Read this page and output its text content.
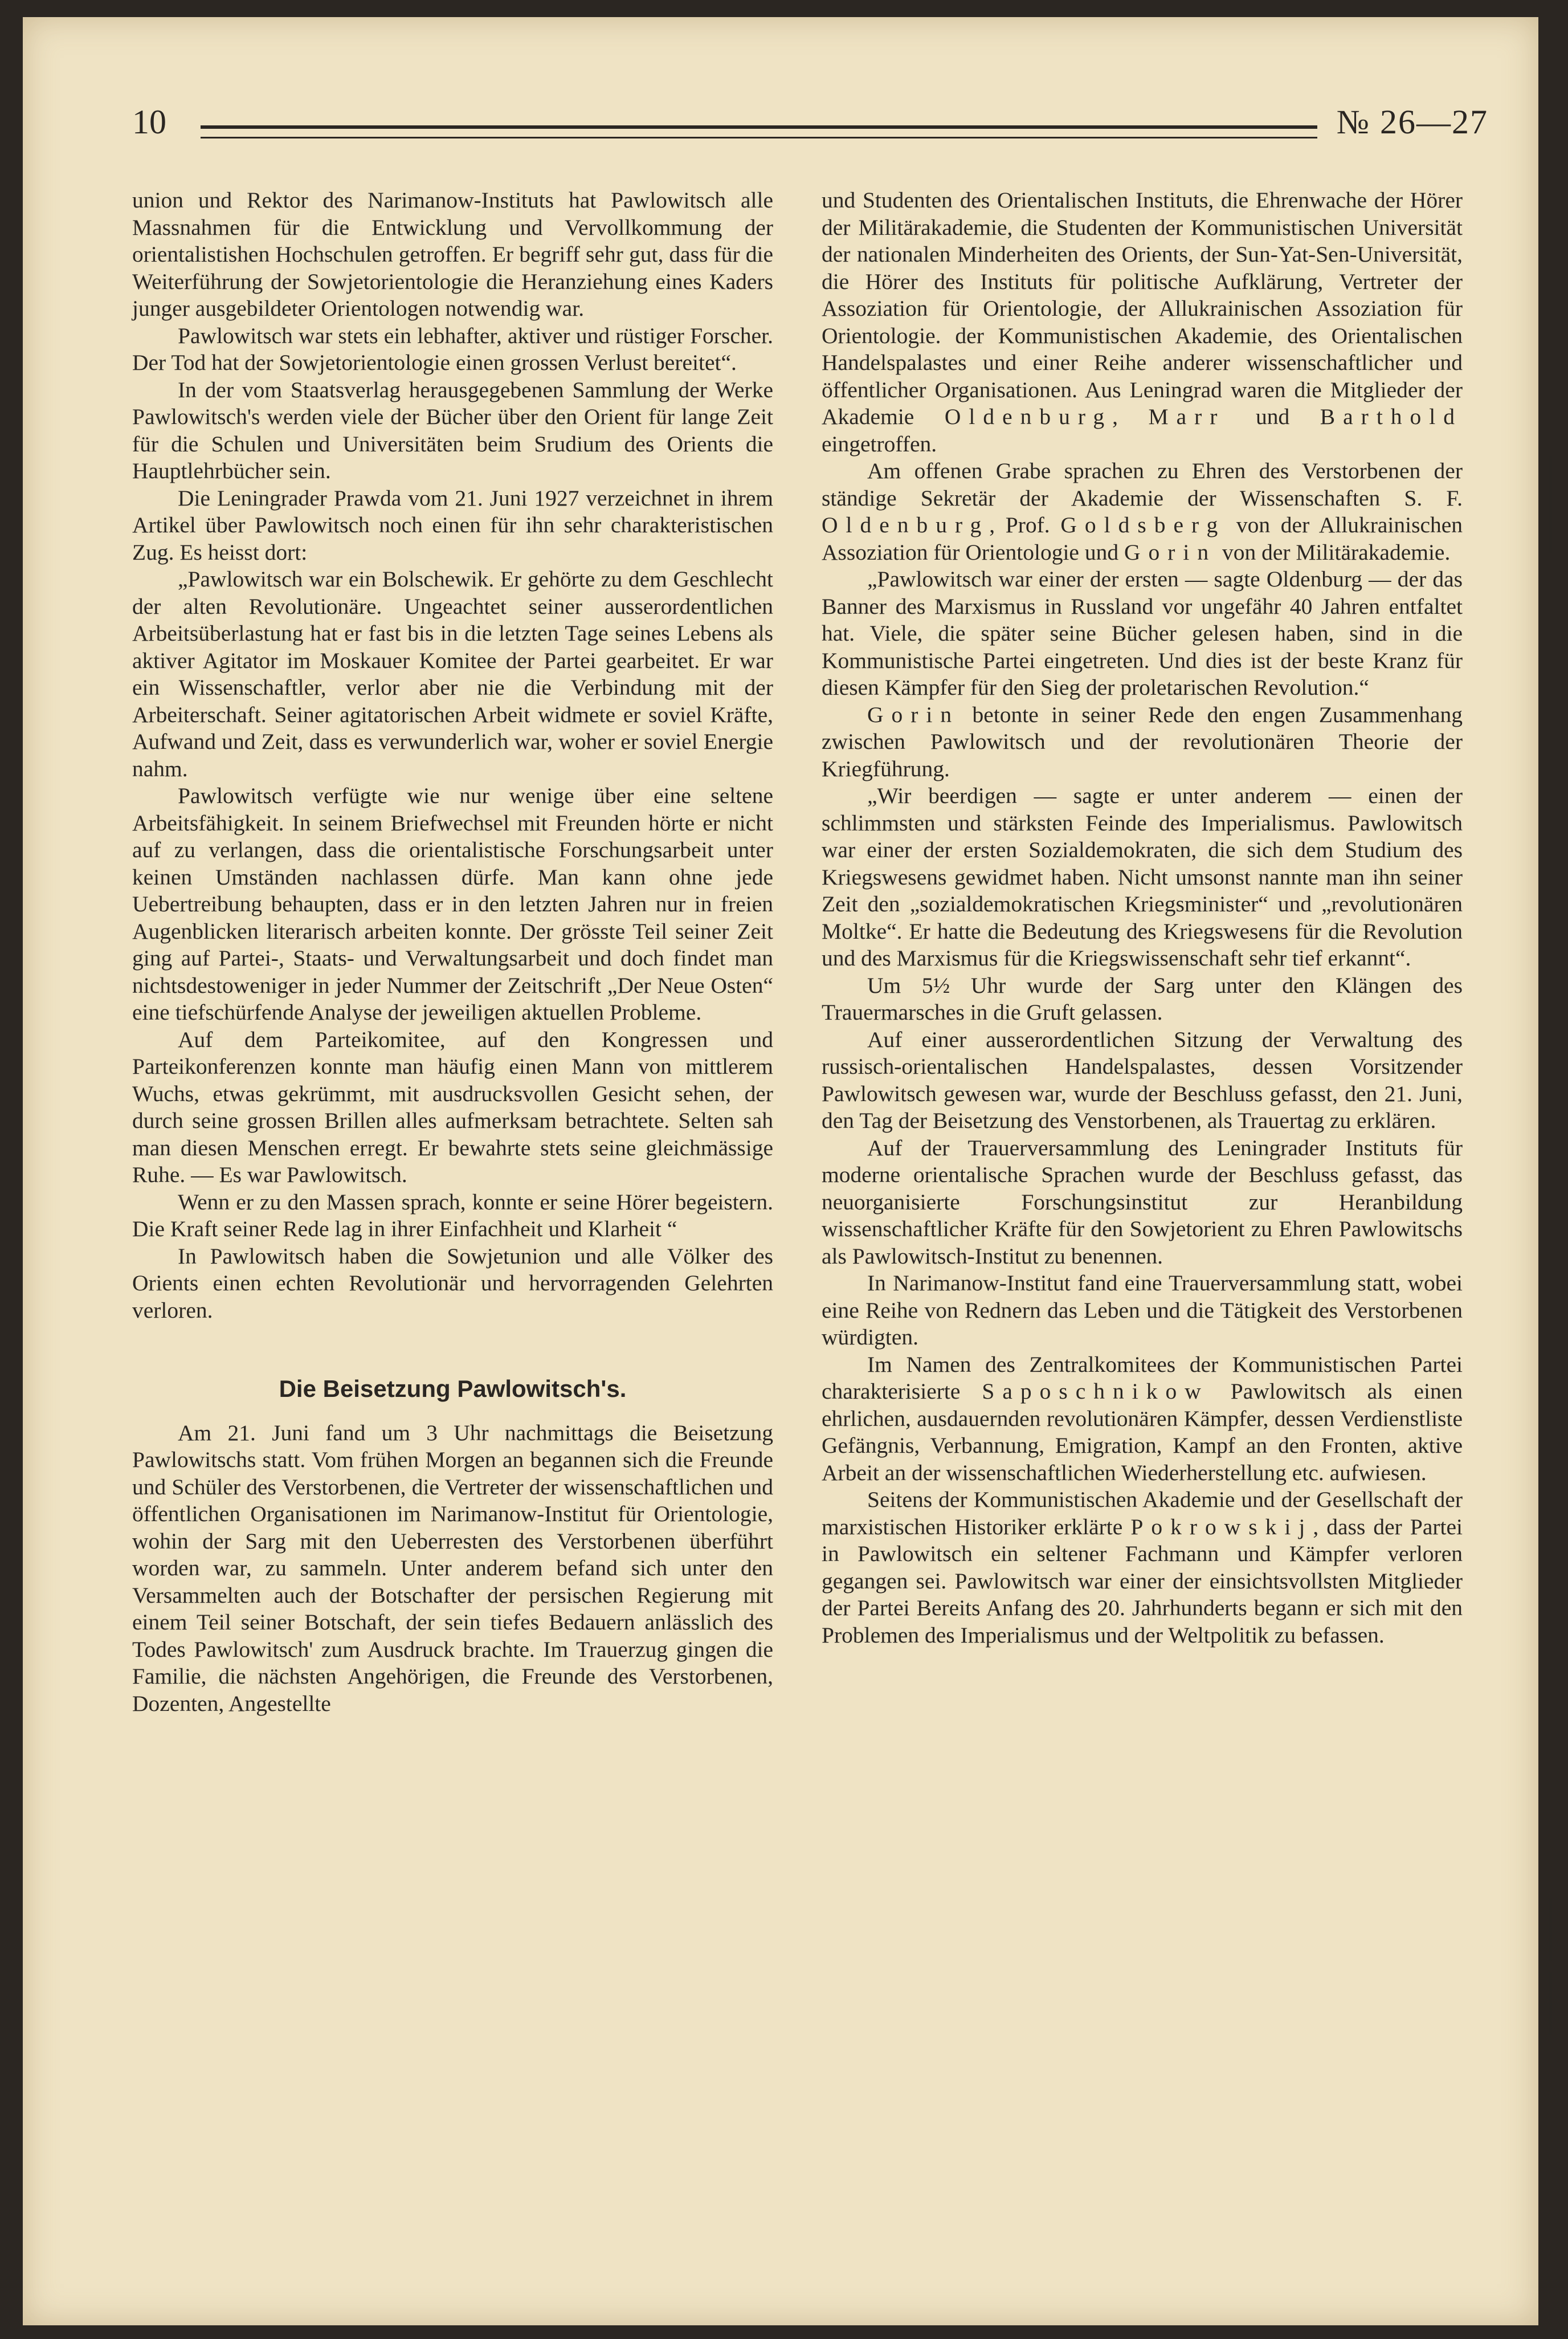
10	№ 26—27

union und Rektor des Narimanow-Instituts hat Pawlowitsch alle Massnahmen für die Entwicklung und Vervollkommung der orientalistishen Hochschulen getroffen. Er begriff sehr gut, dass für die Weiterführung der Sowjetorientologie die Heranziehung eines Kaders junger ausgebildeter Orientologen notwendig war.

Pawlowitsch war stets ein lebhafter, aktiver und rüstiger Forscher. Der Tod hat der Sowjetorientologie einen grossen Verlust bereitet“.

In der vom Staatsverlag herausgegebenen Sammlung der Werke Pawlowitsch's werden viele der Bücher über den Orient für lange Zeit für die Schulen und Universitäten beim Srudium des Orients die Hauptlehrbücher sein.

Die Leningrader Prawda vom 21. Juni 1927 verzeichnet in ihrem Artikel über Pawlowitsch noch einen für ihn sehr charakteristischen Zug. Es heisst dort:

„Pawlowitsch war ein Bolschewik. Er gehörte zu dem Geschlecht der alten Revolutionäre. Ungeachtet seiner ausserordentlichen Arbeitsüberlastung hat er fast bis in die letzten Tage seines Lebens als aktiver Agitator im Moskauer Komitee der Partei gearbeitet. Er war ein Wissenschaftler, verlor aber nie die Verbindung mit der Arbeiterschaft. Seiner agitatorischen Arbeit widmete er soviel Kräfte, Aufwand und Zeit, dass es verwunderlich war, woher er soviel Energie nahm.

Pawlowitsch verfügte wie nur wenige über eine seltene Arbeitsfähigkeit. In seinem Briefwechsel mit Freunden hörte er nicht auf zu verlangen, dass die orientalistische Forschungsarbeit unter keinen Umständen nachlassen dürfe. Man kann ohne jede Uebertreibung behaupten, dass er in den letzten Jahren nur in freien Augenblicken literarisch arbeiten konnte. Der grösste Teil seiner Zeit ging auf Partei-, Staats- und Verwaltungsarbeit und doch findet man nichtsdestoweniger in jeder Nummer der Zeitschrift „Der Neue Osten“ eine tiefschürfende Analyse der jeweiligen aktuellen Probleme.

Auf dem Parteikomitee, auf den Kongressen und Parteikonferenzen konnte man häufig einen Mann von mittlerem Wuchs, etwas gekrümmt, mit ausdrucksvollen Gesicht sehen, der durch seine grossen Brillen alles aufmerksam betrachtete. Selten sah man diesen Menschen erregt. Er bewahrte stets seine gleichmässige Ruhe. — Es war Pawlowitsch.

Wenn er zu den Massen sprach, konnte er seine Hörer begeistern. Die Kraft seiner Rede lag in ihrer Einfachheit und Klarheit “

In Pawlowitsch haben die Sowjetunion und alle Völker des Orients einen echten Revolutionär und hervorragenden Gelehrten verloren.

Die Beisetzung Pawlowitsch's.

Am 21. Juni fand um 3 Uhr nachmittags die Beisetzung Pawlowitschs statt. Vom frühen Morgen an begannen sich die Freunde und Schüler des Verstorbenen, die Vertreter der wissenschaftlichen und öffentlichen Organisationen im Narimanow-Institut für Orientologie, wohin der Sarg mit den Ueberresten des Verstorbenen überführt worden war, zu sammeln. Unter anderem befand sich unter den Versammelten auch der Botschafter der persischen Regierung mit einem Teil seiner Botschaft, der sein tiefes Bedauern anlässlich des Todes Pawlowitsch' zum Ausdruck brachte. Im Trauerzug gingen die Familie, die nächsten Angehörigen, die Freunde des Verstorbenen, Dozenten, Angestellte

und Studenten des Orientalischen Instituts, die Ehrenwache der Hörer der Militärakademie, die Studenten der Kommunistischen Universität der nationalen Minderheiten des Orients, der Sun-Yat-Sen-Universität, die Hörer des Instituts für politische Aufklärung, Vertreter der Assoziation für Orientologie, der Allukrainischen Assoziation für Orientologie. der Kommunistischen Akademie, des Orientalischen Handelspalastes und einer Reihe anderer wissenschaftlicher und öffentlicher Organisationen. Aus Leningrad waren die Mitglieder der Akademie Oldenburg, Marr und Barthold eingetroffen.

Am offenen Grabe sprachen zu Ehren des Verstorbenen der ständige Sekretär der Akademie der Wissenschaften S. F. Oldenburg, Prof. Goldsberg von der Allukrainischen Assoziation für Orientologie und Gorin von der Militärakademie.

„Pawlowitsch war einer der ersten — sagte Oldenburg — der das Banner des Marxismus in Russland vor ungefähr 40 Jahren entfaltet hat. Viele, die später seine Bücher gelesen haben, sind in die Kommunistische Partei eingetreten. Und dies ist der beste Kranz für diesen Kämpfer für den Sieg der proletarischen Revolution.“

Gorin betonte in seiner Rede den engen Zusammenhang zwischen Pawlowitsch und der revolutionären Theorie der Kriegführung.

„Wir beerdigen — sagte er unter anderem — einen der schlimmsten und stärksten Feinde des Imperialismus. Pawlowitsch war einer der ersten Sozialdemokraten, die sich dem Studium des Kriegswesens gewidmet haben. Nicht umsonst nannte man ihn seiner Zeit den „sozialdemokratischen Kriegsminister“ und „revolutionären Moltke“. Er hatte die Bedeutung des Kriegswesens für die Revolution und des Marxismus für die Kriegswissenschaft sehr tief erkannt“.

Um 5½ Uhr wurde der Sarg unter den Klängen des Trauermarsches in die Gruft gelassen.

Auf einer ausserordentlichen Sitzung der Verwaltung des russisch-orientalischen Handelspalastes, dessen Vorsitzender Pawlowitsch gewesen war, wurde der Beschluss gefasst, den 21. Juni, den Tag der Beisetzung des Venstorbenen, als Trauertag zu erklären.

Auf der Trauerversammlung des Leningrader Instituts für moderne orientalische Sprachen wurde der Beschluss gefasst, das neuorganisierte Forschungsinstitut zur Heranbildung wissenschaftlicher Kräfte für den Sowjetorient zu Ehren Pawlowitschs als Pawlowitsch-Institut zu benennen.

In Narimanow-Institut fand eine Trauerversammlung statt, wobei eine Reihe von Rednern das Leben und die Tätigkeit des Verstorbenen würdigten.

Im Namen des Zentralkomitees der Kommunistischen Partei charakterisierte Saposchnikow Pawlowitsch als einen ehrlichen, ausdauernden revolutionären Kämpfer, dessen Verdienstliste Gefängnis, Verbannung, Emigration, Kampf an den Fronten, aktive Arbeit an der wissenschaftlichen Wiederherstellung etc. aufwiesen.

Seitens der Kommunistischen Akademie und der Gesellschaft der marxistischen Historiker erklärte Pokrowskij, dass der Partei in Pawlowitsch ein seltener Fachmann und Kämpfer verloren gegangen sei. Pawlowitsch war einer der einsichtsvollsten Mitglieder der Partei Bereits Anfang des 20. Jahrhunderts begann er sich mit den Problemen des Imperialismus und der Weltpolitik zu befassen.
